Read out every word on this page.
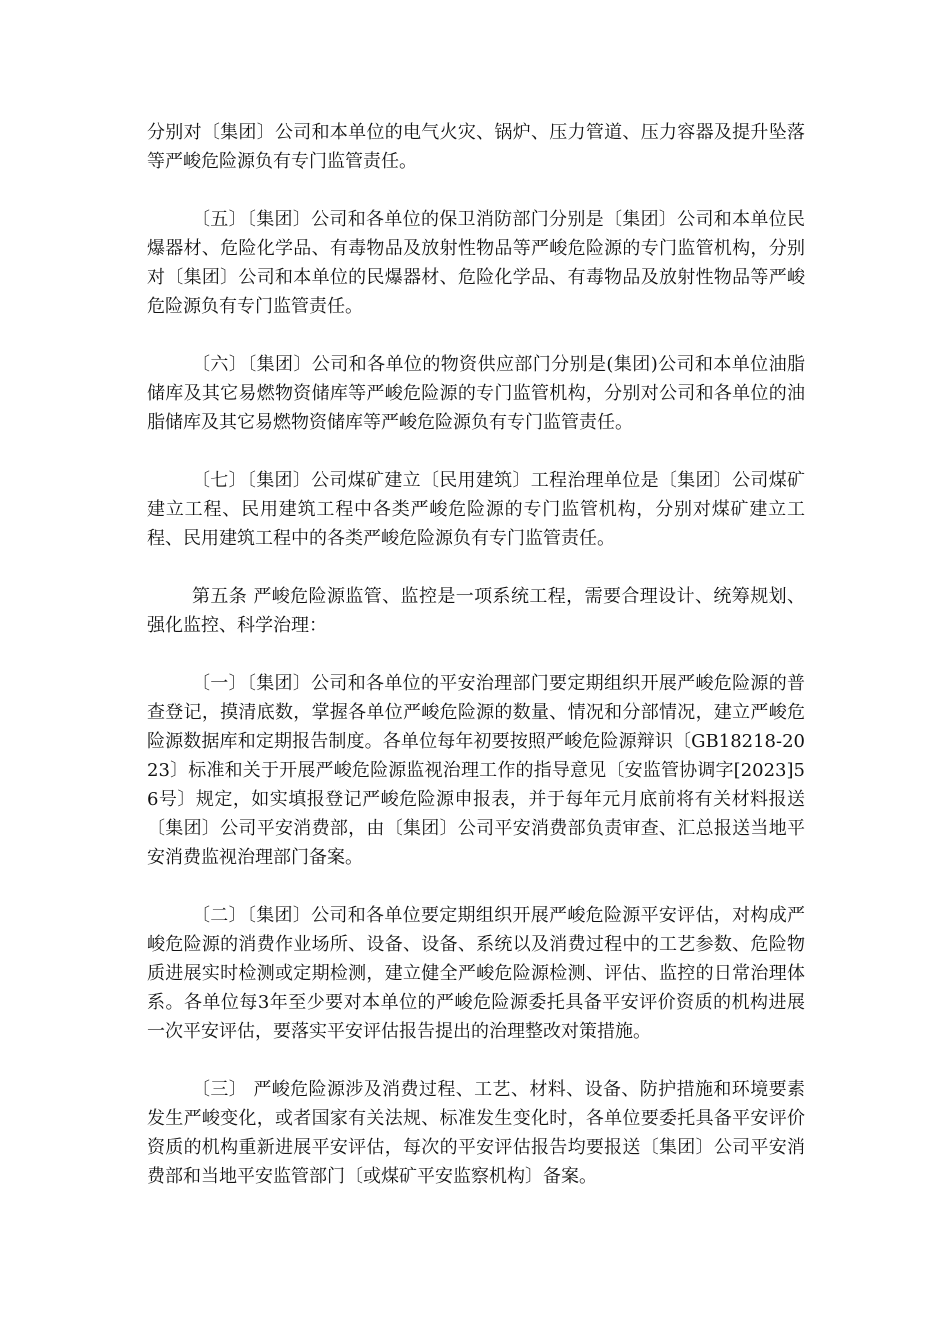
分别对〔集团〕公司和本单位的电气火灾、锅炉、压力管道、压力容器及提升坠落等严峻危险源负有专门监管责任。

〔五〕〔集团〕公司和各单位的保卫消防部门分别是〔集团〕公司和本单位民爆器材、危险化学品、有毒物品及放射性物品等严峻危险源的专门监管机构，分别对〔集团〕公司和本单位的民爆器材、危险化学品、有毒物品及放射性物品等严峻危险源负有专门监管责任。

〔六〕〔集团〕公司和各单位的物资供应部门分别是(集团)公司和本单位油脂储库及其它易燃物资储库等严峻危险源的专门监管机构，分别对公司和各单位的油脂储库及其它易燃物资储库等严峻危险源负有专门监管责任。

〔七〕〔集团〕公司煤矿建立〔民用建筑〕工程治理单位是〔集团〕公司煤矿建立工程、民用建筑工程中各类严峻危险源的专门监管机构，分别对煤矿建立工程、民用建筑工程中的各类严峻危险源负有专门监管责任。

第五条 严峻危险源监管、监控是一项系统工程，需要合理设计、统筹规划、强化监控、科学治理：

〔一〕〔集团〕公司和各单位的平安治理部门要定期组织开展严峻危险源的普查登记，摸清底数，掌握各单位严峻危险源的数量、情况和分部情况，建立严峻危险源数据库和定期报告制度。各单位每年初要按照严峻危险源辩识〔GB18218-2023〕标准和关于开展严峻危险源监视治理工作的指导意见〔安监管协调字[2023]56号〕规定，如实填报登记严峻危险源申报表，并于每年元月底前将有关材料报送〔集团〕公司平安消费部，由〔集团〕公司平安消费部负责审查、汇总报送当地平安消费监视治理部门备案。

〔二〕〔集团〕公司和各单位要定期组织开展严峻危险源平安评估，对构成严峻危险源的消费作业场所、设备、设备、系统以及消费过程中的工艺参数、危险物质进展实时检测或定期检测，建立健全严峻危险源检测、评估、监控的日常治理体系。各单位每3年至少要对本单位的严峻危险源委托具备平安评价资质的机构进展一次平安评估，要落实平安评估报告提出的治理整改对策措施。

〔三〕 严峻危险源涉及消费过程、工艺、材料、设备、防护措施和环境要素发生严峻变化，或者国家有关法规、标准发生变化时，各单位要委托具备平安评价资质的机构重新进展平安评估，每次的平安评估报告均要报送〔集团〕公司平安消费部和当地平安监管部门〔或煤矿平安监察机构〕备案。
